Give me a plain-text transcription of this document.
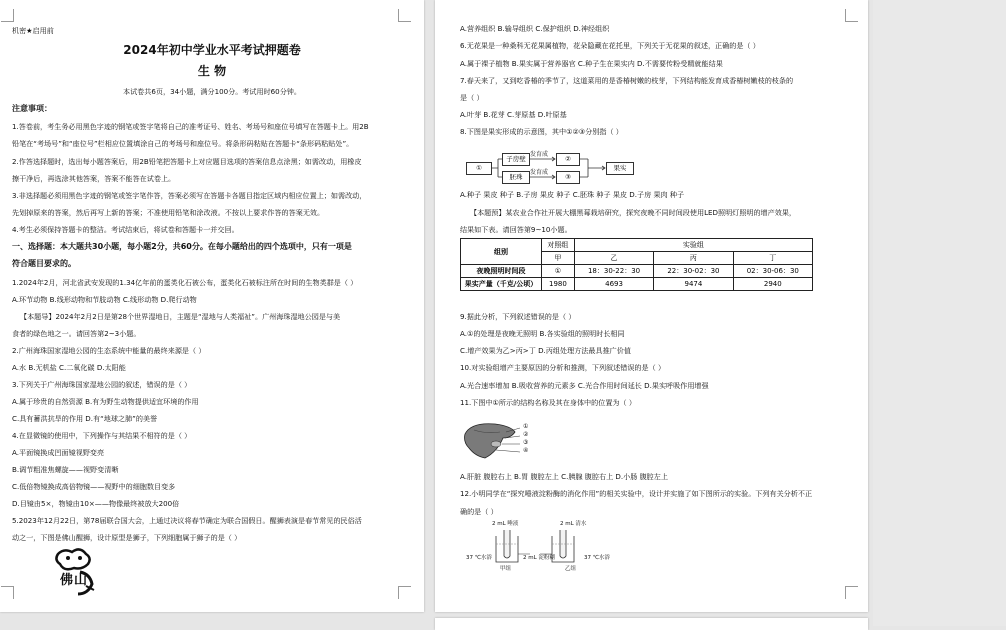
机密★启用前
2024年初中学业水平考试押题卷
生 物
本试卷共6页，34小题，满分100分。考试用时60分钟。
注意事项：
1.答卷前，考生务必用黑色字迹的钢笔或签字笔将自己的准考证号、姓名、考场号和座位号填写在答题卡上。用2B
铅笔在“考场号”和“座位号”栏相应位置填涂自己的考场号和座位号。将条形码粘贴在答题卡“条形码粘贴处”。
2.作答选择题时，选出每小题答案后，用2B铅笔把答题卡上对应题目选项的答案信息点涂黑；如需改动，用橡皮
擦干净后，再选涂其他答案，答案不能答在试卷上。
3.非选择题必须用黑色字迹的钢笔或签字笔作答，答案必须写在答题卡各题目指定区域内相应位置上；如需改动，
先划掉原来的答案，然后再写上新的答案；不准使用铅笔和涂改液。不按以上要求作答的答案无效。
4.考生必须保持答题卡的整洁。考试结束后，将试卷和答题卡一并交回。
一、选择题：本大题共30小题，每小题2分，共60分。在每小题给出的四个选项中，只有一项是
符合题目要求的。
1.2024年2月，河北省武安发现的1.34亿年前的蛋类化石被公布，蛋类化石被标注所在时间的生物类群是（ ）
A.环节动物 B.线形动物和节肢动物 C.线形动物 D.爬行动物
【本题导】2024年2月2日是第28个世界湿地日，主题是“湿地与人类福祉”。广州海珠湿地公园是与美
食者的绿色地之一。请回答第2~3小题。
2.广州海珠国家湿地公园的生态系统中能量的最终来源是（ ）
A.水 B.无机盐 C.二氧化碳 D.太阳能
3.下列关于广州海珠国家湿地公园的叙述，错误的是（ ）
A.属于珍贵的自然资源 B.有为野生动物提供适宜环境的作用
C.具有蓄洪抗旱的作用 D.有“地球之肺”的美誉
4.在显微镜的使用中，下列操作与其结果不相符的是（ ）
A.平面镜换成凹面镜视野变亮
B.调节粗准焦螺旋——视野变清晰
C.低倍物镜换成高倍物镜——视野中的细胞数目变多
D.目镜由5×，物镜由10×——物像最终被放大200倍
5.2023年12月22日，第78届联合国大会，上通过决议将春节确定为联合国假日。醒狮表演是春节常见的民俗活
动之一，下图是佛山醒狮，设计原型是狮子，下列细胞属于狮子的是（ ）
佛山
A.营养组织 B.输导组织 C.保护组织 D.神经组织
6.无花果是一种桑科无花果属植物，花朵隐藏在花托里，下列关于无花果的叙述，正确的是（ ）
A.属于裸子植物 B.果实属于营养器官 C.种子生在果实内 D.不需要传粉受精就能结果
7.春天来了，又到吃香椿的季节了，这道菜用的是香椿树嫩的枝芽，下列结构能发育成香椿树嫩枝的枝条的
是（ ）
A.叶芽 B.花芽 C.芽原基 D.叶原基
8.下图是果实形成的示意图，其中①②③分别指（ ）
①
子房壁
胚珠
发育成
发育成
②
③
果实
A.种子 果皮 种子 B.子房 果皮 种子 C.胚珠 种子 果皮 D.子房 果肉 种子
【本题预】某农业合作社开展大棚黑莓栽培研究，探究夜晚不同时间段使用LED照明灯照明的增产效果，
结果如下表。请回答第9~10小题。
组别	对照组	实验组		
	甲	乙	丙	丁
夜晚照明时间段	①	18：30-22：30	22：30-02：30	02：30-06：30
果实产量（千克/公顷）	1980	4693	9474	2940
9.据此分析，下列叙述错误的是（ ）
A.①的处理是夜晚无照明 B.各实验组的照明时长相同
C.增产效果为乙>丙>丁 D.丙组处理方法最具推广价值
10.对实验组增产主要原因的分析和推测，下列叙述错误的是（ ）
A.光合速率增加 B.吸收营养的元素多 C.光合作用时间延长 D.果实呼吸作用增强
11.下图中①所示的结构名称及其在身体中的位置为（ ）
①
②
③
④
A.肝脏 腹腔右上 B.胃 腹腔左上 C.胰腺 腹腔右上 D.小肠 腹腔左上
12.小明同学在“探究唾液淀粉酶的消化作用”的相关实验中，设计并实施了如下图所示的实验。下列有关分析不正
确的是（ ）
2 mL 唾液	2 mL 清水
37 ℃水浴	2 mL 淀粉糊	37 ℃水浴
甲组	乙组
